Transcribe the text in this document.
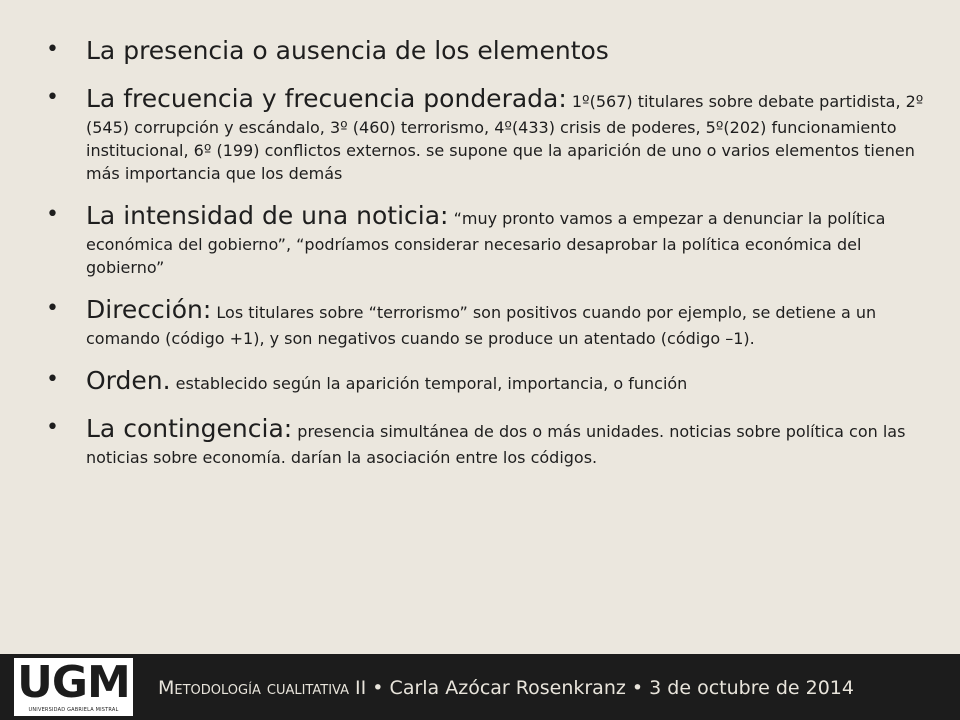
• La presencia o ausencia de los elementos
• La frecuencia y frecuencia ponderada: 1º(567) titulares sobre debate partidista, 2º (545) corrupción y escándalo, 3º (460) terrorismo, 4º(433) crisis de poderes, 5º(202) funcionamiento institucional, 6º (199) conflictos externos. se supone que la aparición de uno o varios elementos tienen más importancia que los demás
• La intensidad de una noticia: “muy pronto vamos a empezar a denunciar la política económica del gobierno”, “podríamos considerar necesario desaprobar la política económica del gobierno”
• Dirección: Los titulares sobre “terrorismo” son positivos cuando por ejemplo, se detiene a un comando (código +1), y son negativos cuando se produce un atentado (código –1).
• Orden. establecido según la aparición temporal, importancia, o función
• La contingencia: presencia simultánea de dos o más unidades. noticias sobre política con las noticias sobre economía. darían la asociación entre los códigos.
UGM
UNIVERSIDAD GABRIELA MISTRAL
Metodología cualitativa II • Carla Azócar Rosenkranz • 3 de octubre de 2014
